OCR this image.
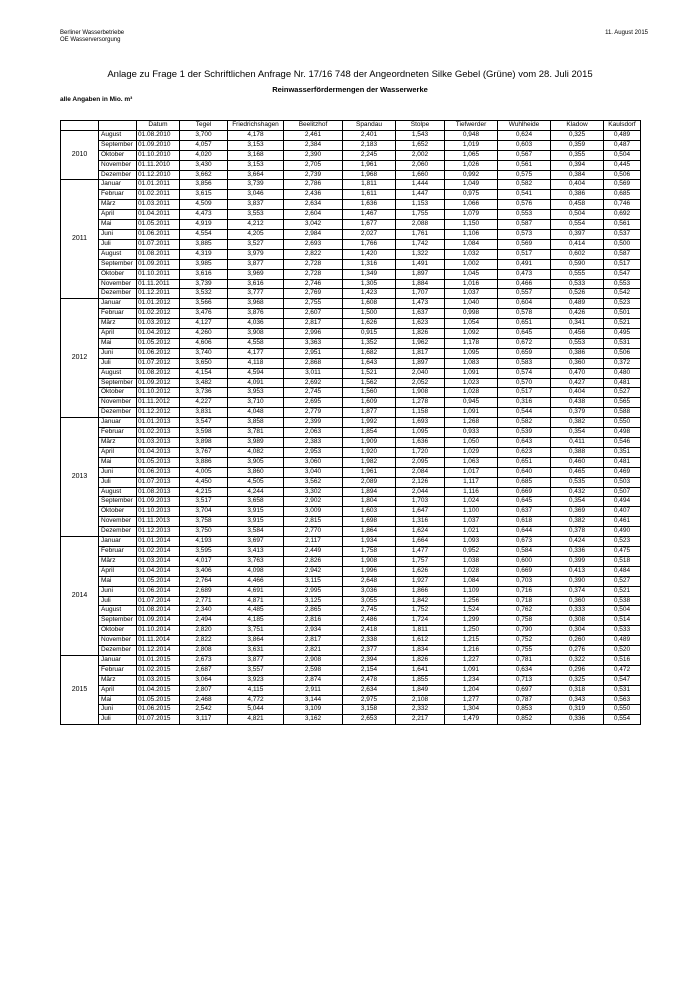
Berliner Wasserbetriebe
OE Wasserversorgung
11. August 2015
Anlage zu Frage 1 der Schriftlichen Anfrage Nr. 17/16 748 der Angeordneten Silke Gebel (Grüne) vom 28. Juli 2015
Reinwasserfördermengen der Wasserwerke
alle Angaben in Mio. m³
		Datum	Tegel	Friedrichshagen	Beelitzhof	Spandau	Stolpe	Tiefwerder	Wuhlheide	Kladow	Kaulsdorf
2010	August	01.08.2010	3,700	4,178	2,461	2,401	1,543	0,948	0,624	0,325	0,489
	September	01.09.2010	4,057	3,153	2,384	2,183	1,652	1,019	0,603	0,359	0,487
	Oktober	01.10.2010	4,020	3,168	2,390	2,245	2,002	1,065	0,567	0,355	0,504
	November	01.11.2010	3,430	3,153	2,705	1,961	2,060	1,026	0,561	0,394	0,445
	Dezember	01.12.2010	3,662	3,664	2,739	1,968	1,660	0,992	0,575	0,384	0,506
2011	Januar	01.01.2011	3,856	3,739	2,786	1,811	1,444	1,049	0,582	0,404	0,569
	Februar	01.02.2011	3,615	3,046	2,436	1,611	1,447	0,975	0,541	0,386	0,685
	März	01.03.2011	4,509	3,837	2,634	1,636	1,153	1,066	0,576	0,458	0,746
	April	01.04.2011	4,473	3,553	2,604	1,467	1,755	1,079	0,553	0,504	0,692
	Mai	01.05.2011	4,919	4,212	3,042	1,677	2,088	1,150	0,587	0,554	0,561
	Juni	01.06.2011	4,554	4,205	2,984	2,027	1,761	1,106	0,573	0,397	0,537
	Juli	01.07.2011	3,885	3,527	2,693	1,766	1,742	1,084	0,569	0,414	0,500
	August	01.08.2011	4,319	3,979	2,822	1,420	1,322	1,032	0,517	0,602	0,587
	September	01.09.2011	3,985	3,877	2,728	1,316	1,491	1,002	0,491	0,590	0,517
	Oktober	01.10.2011	3,616	3,969	2,728	1,349	1,897	1,045	0,473	0,555	0,547
	November	01.11.2011	3,739	3,616	2,746	1,305	1,884	1,016	0,466	0,533	0,553
	Dezember	01.12.2011	3,532	3,777	2,769	1,423	1,707	1,037	0,557	0,526	0,542
2012	Januar	01.01.2012	3,566	3,968	2,755	1,608	1,473	1,040	0,604	0,489	0,523
	Februar	01.02.2012	3,476	3,876	2,607	1,500	1,637	0,998	0,578	0,426	0,501
	März	01.03.2012	4,127	4,036	2,817	1,626	1,623	1,054	0,651	0,341	0,521
	April	01.04.2012	4,260	3,908	2,996	0,915	1,826	1,092	0,645	0,456	0,495
	Mai	01.05.2012	4,606	4,558	3,363	1,352	1,962	1,178	0,672	0,553	0,531
	Juni	01.06.2012	3,740	4,177	2,951	1,682	1,817	1,095	0,659	0,386	0,506
	Juli	01.07.2012	3,650	4,118	2,868	1,643	1,897	1,083	0,583	0,360	0,372
	August	01.08.2012	4,154	4,594	3,011	1,521	2,040	1,091	0,574	0,470	0,480
	September	01.09.2012	3,482	4,091	2,692	1,562	2,052	1,023	0,570	0,427	0,481
	Oktober	01.10.2012	3,736	3,953	2,745	1,560	1,908	1,028	0,517	0,404	0,527
	November	01.11.2012	4,227	3,710	2,695	1,609	1,278	0,945	0,316	0,438	0,565
	Dezember	01.12.2012	3,831	4,048	2,779	1,877	1,158	1,091	0,544	0,379	0,588
2013	Januar	01.01.2013	3,547	3,858	2,399	1,992	1,693	1,268	0,582	0,382	0,550
	Februar	01.02.2013	3,598	3,781	2,063	1,854	1,095	0,933	0,539	0,354	0,498
	März	01.03.2013	3,898	3,989	2,383	1,909	1,636	1,050	0,643	0,411	0,546
	April	01.04.2013	3,767	4,082	2,953	1,920	1,720	1,029	0,623	0,388	0,351
	Mai	01.05.2013	3,886	3,905	3,060	1,982	2,095	1,063	0,651	0,460	0,481
	Juni	01.06.2013	4,005	3,860	3,040	1,961	2,084	1,017	0,640	0,465	0,469
	Juli	01.07.2013	4,450	4,505	3,562	2,089	2,126	1,117	0,685	0,535	0,503
	August	01.08.2013	4,215	4,244	3,302	1,894	2,044	1,116	0,669	0,432	0,507
	September	01.09.2013	3,517	3,658	2,902	1,804	1,703	1,024	0,645	0,354	0,494
	Oktober	01.10.2013	3,704	3,915	3,009	1,603	1,647	1,100	0,637	0,369	0,407
	November	01.11.2013	3,758	3,915	2,815	1,698	1,316	1,037	0,618	0,382	0,461
	Dezember	01.12.2013	3,750	3,584	2,770	1,864	1,624	1,021	0,644	0,378	0,490
2014	Januar	01.01.2014	4,193	3,697	2,117	1,934	1,664	1,093	0,673	0,424	0,523
	Februar	01.02.2014	3,595	3,413	2,449	1,758	1,477	0,952	0,584	0,336	0,475
	März	01.03.2014	4,017	3,763	2,826	1,908	1,757	1,038	0,600	0,399	0,518
	April	01.04.2014	3,406	4,098	2,942	1,996	1,626	1,028	0,669	0,413	0,484
	Mai	01.05.2014	2,764	4,466	3,115	2,648	1,927	1,084	0,703	0,390	0,527
	Juni	01.06.2014	2,689	4,691	2,995	3,036	1,866	1,109	0,716	0,374	0,521
	Juli	01.07.2014	2,771	4,871	3,125	3,055	1,842	1,256	0,718	0,360	0,538
	August	01.08.2014	2,340	4,485	2,865	2,745	1,752	1,524	0,762	0,333	0,504
	September	01.09.2014	2,494	4,185	2,816	2,486	1,724	1,299	0,758	0,308	0,514
	Oktober	01.10.2014	2,820	3,751	2,934	2,418	1,811	1,250	0,790	0,304	0,533
	November	01.11.2014	2,822	3,864	2,817	2,338	1,612	1,215	0,752	0,260	0,489
	Dezember	01.12.2014	2,808	3,631	2,821	2,377	1,834	1,216	0,755	0,276	0,520
2015	Januar	01.01.2015	2,673	3,877	2,908	2,394	1,826	1,227	0,781	0,322	0,516
	Februar	01.02.2015	2,687	3,557	2,598	2,154	1,641	1,091	0,634	0,296	0,472
	März	01.03.2015	3,064	3,923	2,874	2,478	1,855	1,234	0,713	0,325	0,547
	April	01.04.2015	2,807	4,115	2,911	2,634	1,849	1,204	0,697	0,318	0,531
	Mai	01.05.2015	2,468	4,772	3,144	2,975	2,108	1,277	0,787	0,343	0,563
	Juni	01.06.2015	2,542	5,044	3,109	3,158	2,332	1,304	0,853	0,319	0,550
	Juli	01.07.2015	3,117	4,821	3,162	2,653	2,217	1,479	0,852	0,336	0,554
